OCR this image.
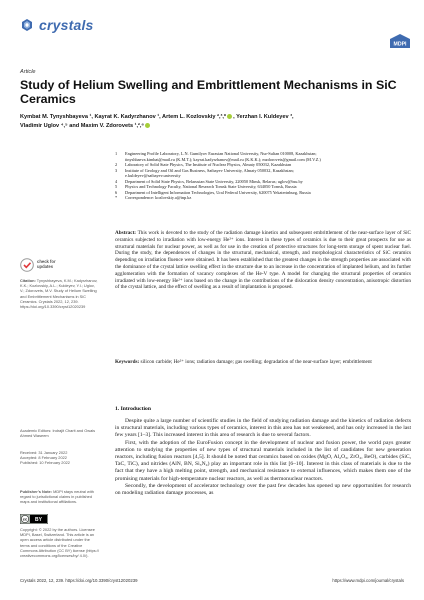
crystals
MDPI
Article
Study of Helium Swelling and Embrittlement Mechanisms in SiC Ceramics
Kymbat M. Tynyshbayeva ¹, Kayrat K. Kadyrzhanov ¹, Artem L. Kozlovskiy ²,³,* , Yerzhan I. Kuldeyev ³,
Vladimir Uglov ⁴,⁵ and Maxim V. Zdorovets ¹,²,⁶
1	Engineering Profile Laboratory, L.N. Gumilyov Eurasian National University, Nur-Sultan 010008, Kazakhstan;
tinyshbaeva.kimbat@mail.ru (K.M.T.); kayrat.kadyrzhanov@mail.ru (K.K.K.); mzdorovets@gmail.com (M.V.Z.)
2	Laboratory of Solid State Physics, The Institute of Nuclear Physics, Almaty 050032, Kazakhstan
3	Institute of Geology and Oil and Gas Business, Satbayev University, Almaty 050032, Kazakhstan;
e.kuldeyev@satbayev.university
4	Department of Solid State Physics, Belarusian State University, 220050 Minsk, Belarus; uglov@bsu.by
5	Physics and Technology Faculty, National Research Tomsk State University, 634050 Tomsk, Russia
6	Department of Intelligent Information Technologies, Ural Federal University, 620075 Yekaterinburg, Russia
*	Correspondence: kozlovskiy.a@inp.kz
Abstract: This work is devoted to the study of the radiation damage kinetics and subsequent embrittlement of the near-surface layer of SiC ceramics subjected to irradiation with low-energy He²⁺ ions. Interest in these types of ceramics is due to their great prospects for use as structural materials for nuclear power, as well as for use in the creation of protective structures for long-term storage of spent nuclear fuel. During the study, the dependences of changes in the structural, mechanical, strength, and morphological characteristics of SiC ceramics depending on irradiation fluence were obtained. It has been established that the greatest changes in the strength properties are associated with the dominance of the crystal lattice swelling effect in the structure due to an increase in the concentration of implanted helium, and its further agglomeration with the formation of vacancy complexes of the He-V type. A model for changing the structural properties of ceramics irradiated with low-energy He²⁺ ions based on the change in the contributions of the dislocation density concentration, anisotropic distortion of the crystal lattice, and the effect of swelling as a result of implantation is proposed.
Keywords: silicon carbide; He²⁺ ions; radiation damage; gas swelling; degradation of the near-surface layer; embrittlement
check for
updates
Citation: Tynyshbayeva, K.M.; Kadyrzhanov, K.K.; Kozlovskiy, A.L.; Kuldeyev, Y.I.; Uglov, V.; Zdorovets, M.V. Study of Helium Swelling and Embrittlement Mechanisms in SiC Ceramics. Crystals 2022, 12, 239. https://doi.org/10.3390/cryst12020239
Academic Editors: Indrajit Charit and Owais Ahmed Waseem
Received: 31 January 2022
Accepted: 8 February 2022
Published: 10 February 2022
Publisher’s Note: MDPI stays neutral with regard to jurisdictional claims in published maps and institutional affiliations.
cc BY
Copyright: © 2022 by the authors. Licensee MDPI, Basel, Switzerland. This article is an open access article distributed under the terms and conditions of the Creative Commons Attribution (CC BY) license (https:// creativecommons.org/licenses/by/ 4.0/).
1. Introduction

Despite quite a large number of scientific studies in the field of studying radiation damage and the kinetics of radiation defects in structural materials, including various types of ceramics, interest in this area has not weakened, and has only increased in the last few years [1–3]. This increased interest in this area of research is due to several factors.

First, with the adoption of the EuroFusion concept in the development of nuclear and fusion power, the world pays greater attention to studying the properties of new types of structural materials included in the list of candidates for new generation reactors, including fusion reactors [4,5]. It should be noted that ceramics based on oxides (MgO, Al₂O₃, ZrO₂, BeO), carbides (SiC, TaC, TiC), and nitrides (AlN, BN, Si₃N₄) play an important role in this list [6–10]. Interest in this class of materials is due to the fact that they have a high melting point, strength, and mechanical resistance to external influences, which makes them one of the promising materials for high-temperature nuclear reactors, as well as thermonuclear reactors.

Secondly, the development of accelerator technology over the past few decades has opened up new opportunities for research on modeling radiation damage processes, as

Crystals 2022, 12, 239. https://doi.org/10.3390/cryst12020239	https://www.mdpi.com/journal/crystals
